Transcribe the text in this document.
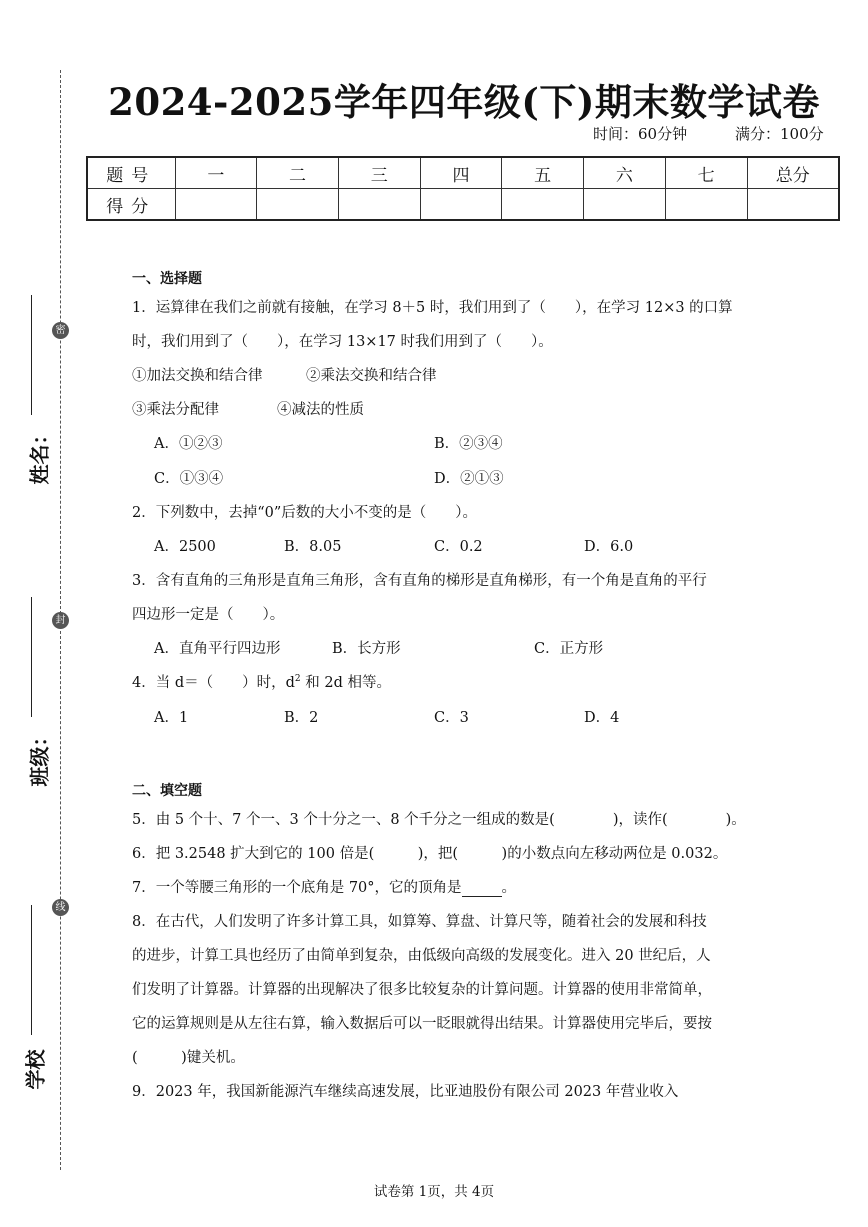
密
封
线
姓名：
班级：
学校
2024-2025学年四年级(下)期末数学试卷
时间：60分钟	满分：100分
题号	一	二	三	四	五	六	七	总分
得分								
一、选择题
1．运算律在我们之前就有接触，在学习 8＋5 时，我们用到了（　　），在学习 12×3 的口算
时，我们用到了（　　），在学习 13×17 时我们用到了（　　）。
①加法交换和结合律　　　②乘法交换和结合律
③乘法分配律　　　　④减法的性质
A．①②③	B．②③④
C．①③④	D．②①③
2．下列数中，去掉“0”后数的大小不变的是（　　）。
A．2500	B．8.05	C．0.2	D．6.0
3．含有直角的三角形是直角三角形，含有直角的梯形是直角梯形，有一个角是直角的平行
四边形一定是（　　）。
A．直角平行四边形	B．长方形	C．正方形
4．当 d＝（　　）时，$d^2$ 和 2d 相等。
A．1	B．2	C．3	D．4
二、填空题
5．由 5 个十、7 个一、3 个十分之一、8 个千分之一组成的数是(　　　　)，读作(　　　　)。
6．把 3.2548 扩大到它的 100 倍是(　　　)，把(　　　)的小数点向左移动两位是 0.032。
7．一个等腰三角形的一个底角是 70°，它的顶角是	。
8．在古代，人们发明了许多计算工具，如算筹、算盘、计算尺等，随着社会的发展和科技
的进步，计算工具也经历了由简单到复杂，由低级向高级的发展变化。进入 20 世纪后，人
们发明了计算器。计算器的出现解决了很多比较复杂的计算问题。计算器的使用非常简单，
它的运算规则是从左往右算，输入数据后可以一眨眼就得出结果。计算器使用完毕后，要按
(　　　)键关机。
9．2023 年，我国新能源汽车继续高速发展，比亚迪股份有限公司 2023 年营业收入
试卷第 1页，共 4页
